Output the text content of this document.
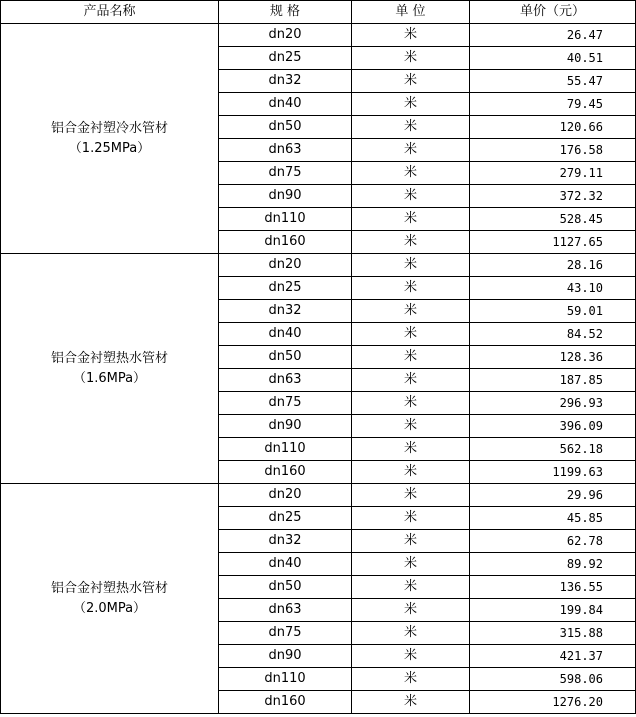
产品名称	规 格	单 位	单价（元）

铝合金衬塑冷水管材
（1.25MPa）	dn20	米	26.47
	dn25	米	40.51
	dn32	米	55.47
	dn40	米	79.45
	dn50	米	120.66
	dn63	米	176.58
	dn75	米	279.11
	dn90	米	372.32
	dn110	米	528.45
	dn160	米	1127.65

铝合金衬塑热水管材
（1.6MPa）	dn20	米	28.16
	dn25	米	43.10
	dn32	米	59.01
	dn40	米	84.52
	dn50	米	128.36
	dn63	米	187.85
	dn75	米	296.93
	dn90	米	396.09
	dn110	米	562.18
	dn160	米	1199.63

铝合金衬塑热水管材
（2.0MPa）	dn20	米	29.96
	dn25	米	45.85
	dn32	米	62.78
	dn40	米	89.92
	dn50	米	136.55
	dn63	米	199.84
	dn75	米	315.88
	dn90	米	421.37
	dn110	米	598.06
	dn160	米	1276.20
